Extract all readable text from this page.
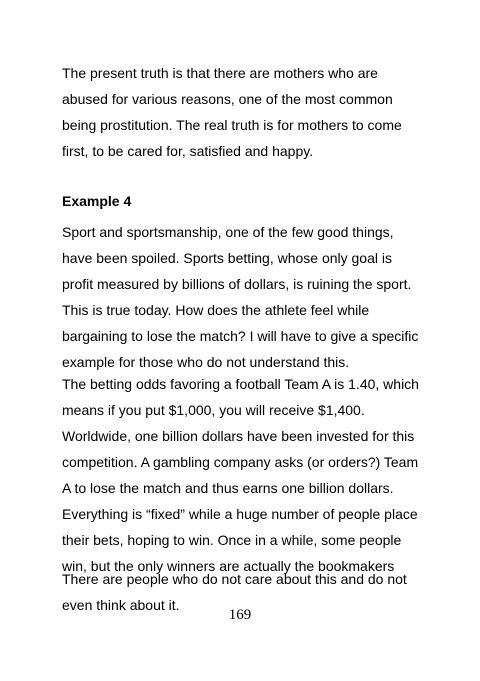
The present truth is that there are mothers who are
abused for various reasons, one of the most common
being prostitution. The real truth is for mothers to come
first, to be cared for, satisfied and happy.

Example 4

Sport and sportsmanship, one of the few good things,
have been spoiled. Sports betting, whose only goal is
profit measured by billions of dollars, is ruining the sport.
This is true today. How does the athlete feel while
bargaining to lose the match? I will have to give a specific
example for those who do not understand this.

The betting odds favoring a football Team A is 1.40, which
means if you put $1,000, you will receive $1,400.
Worldwide, one billion dollars have been invested for this
competition. A gambling company asks (or orders?) Team
A to lose the match and thus earns one billion dollars.
Everything is “fixed” while a huge number of people place
their bets, hoping to win. Once in a while, some people
win, but the only winners are actually the bookmakers

There are people who do not care about this and do not
even think about it.

169
